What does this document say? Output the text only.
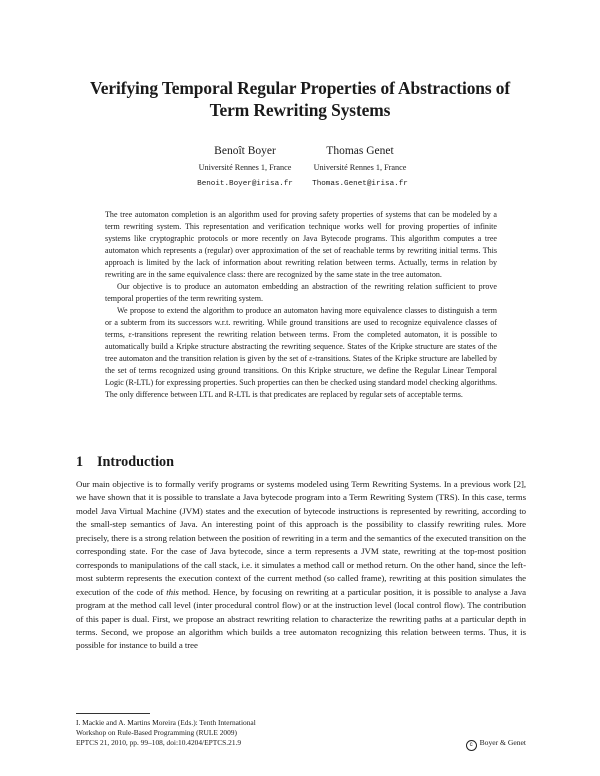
Verifying Temporal Regular Properties of Abstractions of
Term Rewriting Systems
Benoît Boyer
Université Rennes 1, France
Benoit.Boyer@irisa.fr
Thomas Genet
Université Rennes 1, France
Thomas.Genet@irisa.fr

The tree automaton completion is an algorithm used for proving safety properties of systems that can be modeled by a term rewriting system. This representation and verification technique works well for proving properties of infinite systems like cryptographic protocols or more recently on Java Bytecode programs. This algorithm computes a tree automaton which represents a (regular) over approximation of the set of reachable terms by rewriting initial terms. This approach is limited by the lack of information about rewriting relation between terms. Actually, terms in relation by rewriting are in the same equivalence class: there are recognized by the same state in the tree automaton.

Our objective is to produce an automaton embedding an abstraction of the rewriting relation sufficient to prove temporal properties of the term rewriting system.

We propose to extend the algorithm to produce an automaton having more equivalence classes to distinguish a term or a subterm from its successors w.r.t. rewriting. While ground transitions are used to recognize equivalence classes of terms, ε-transitions represent the rewriting relation between terms. From the completed automaton, it is possible to automatically build a Kripke structure abstracting the rewriting sequence. States of the Kripke structure are states of the tree automaton and the transition relation is given by the set of ε-transitions. States of the Kripke structure are labelled by the set of terms recognized using ground transitions. On this Kripke structure, we define the Regular Linear Temporal Logic (R-LTL) for expressing properties. Such properties can then be checked using standard model checking algorithms. The only difference between LTL and R-LTL is that predicates are replaced by regular sets of acceptable terms.

1 Introduction

Our main objective is to formally verify programs or systems modeled using Term Rewriting Systems. In a previous work [2], we have shown that it is possible to translate a Java bytecode program into a Term Rewriting System (TRS). In this case, terms model Java Virtual Machine (JVM) states and the execution of bytecode instructions is represented by rewriting, according to the small-step semantics of Java. An interesting point of this approach is the possibility to classify rewriting rules. More precisely, there is a strong relation between the position of rewriting in a term and the semantics of the executed transition on the corresponding state. For the case of Java bytecode, since a term represents a JVM state, rewriting at the top-most position corresponds to manipulations of the call stack, i.e. it simulates a method call or method return. On the other hand, since the left-most subterm represents the execution context of the current method (so called frame), rewriting at this position simulates the execution of the code of this method. Hence, by focusing on rewriting at a particular position, it is possible to analyse a Java program at the method call level (inter procedural control flow) or at the instruction level (local control flow). The contribution of this paper is dual. First, we propose an abstract rewriting relation to characterize the rewriting paths at a particular depth in terms. Second, we propose an algorithm which builds a tree automaton recognizing this relation between terms. Thus, it is possible for instance to build a tree

I. Mackie and A. Martins Moreira (Eds.): Tenth International
Workshop on Rule-Based Programming (RULE 2009)
EPTCS 21, 2010, pp. 99–108, doi:10.4204/EPTCS.21.9	c Boyer & Genet
